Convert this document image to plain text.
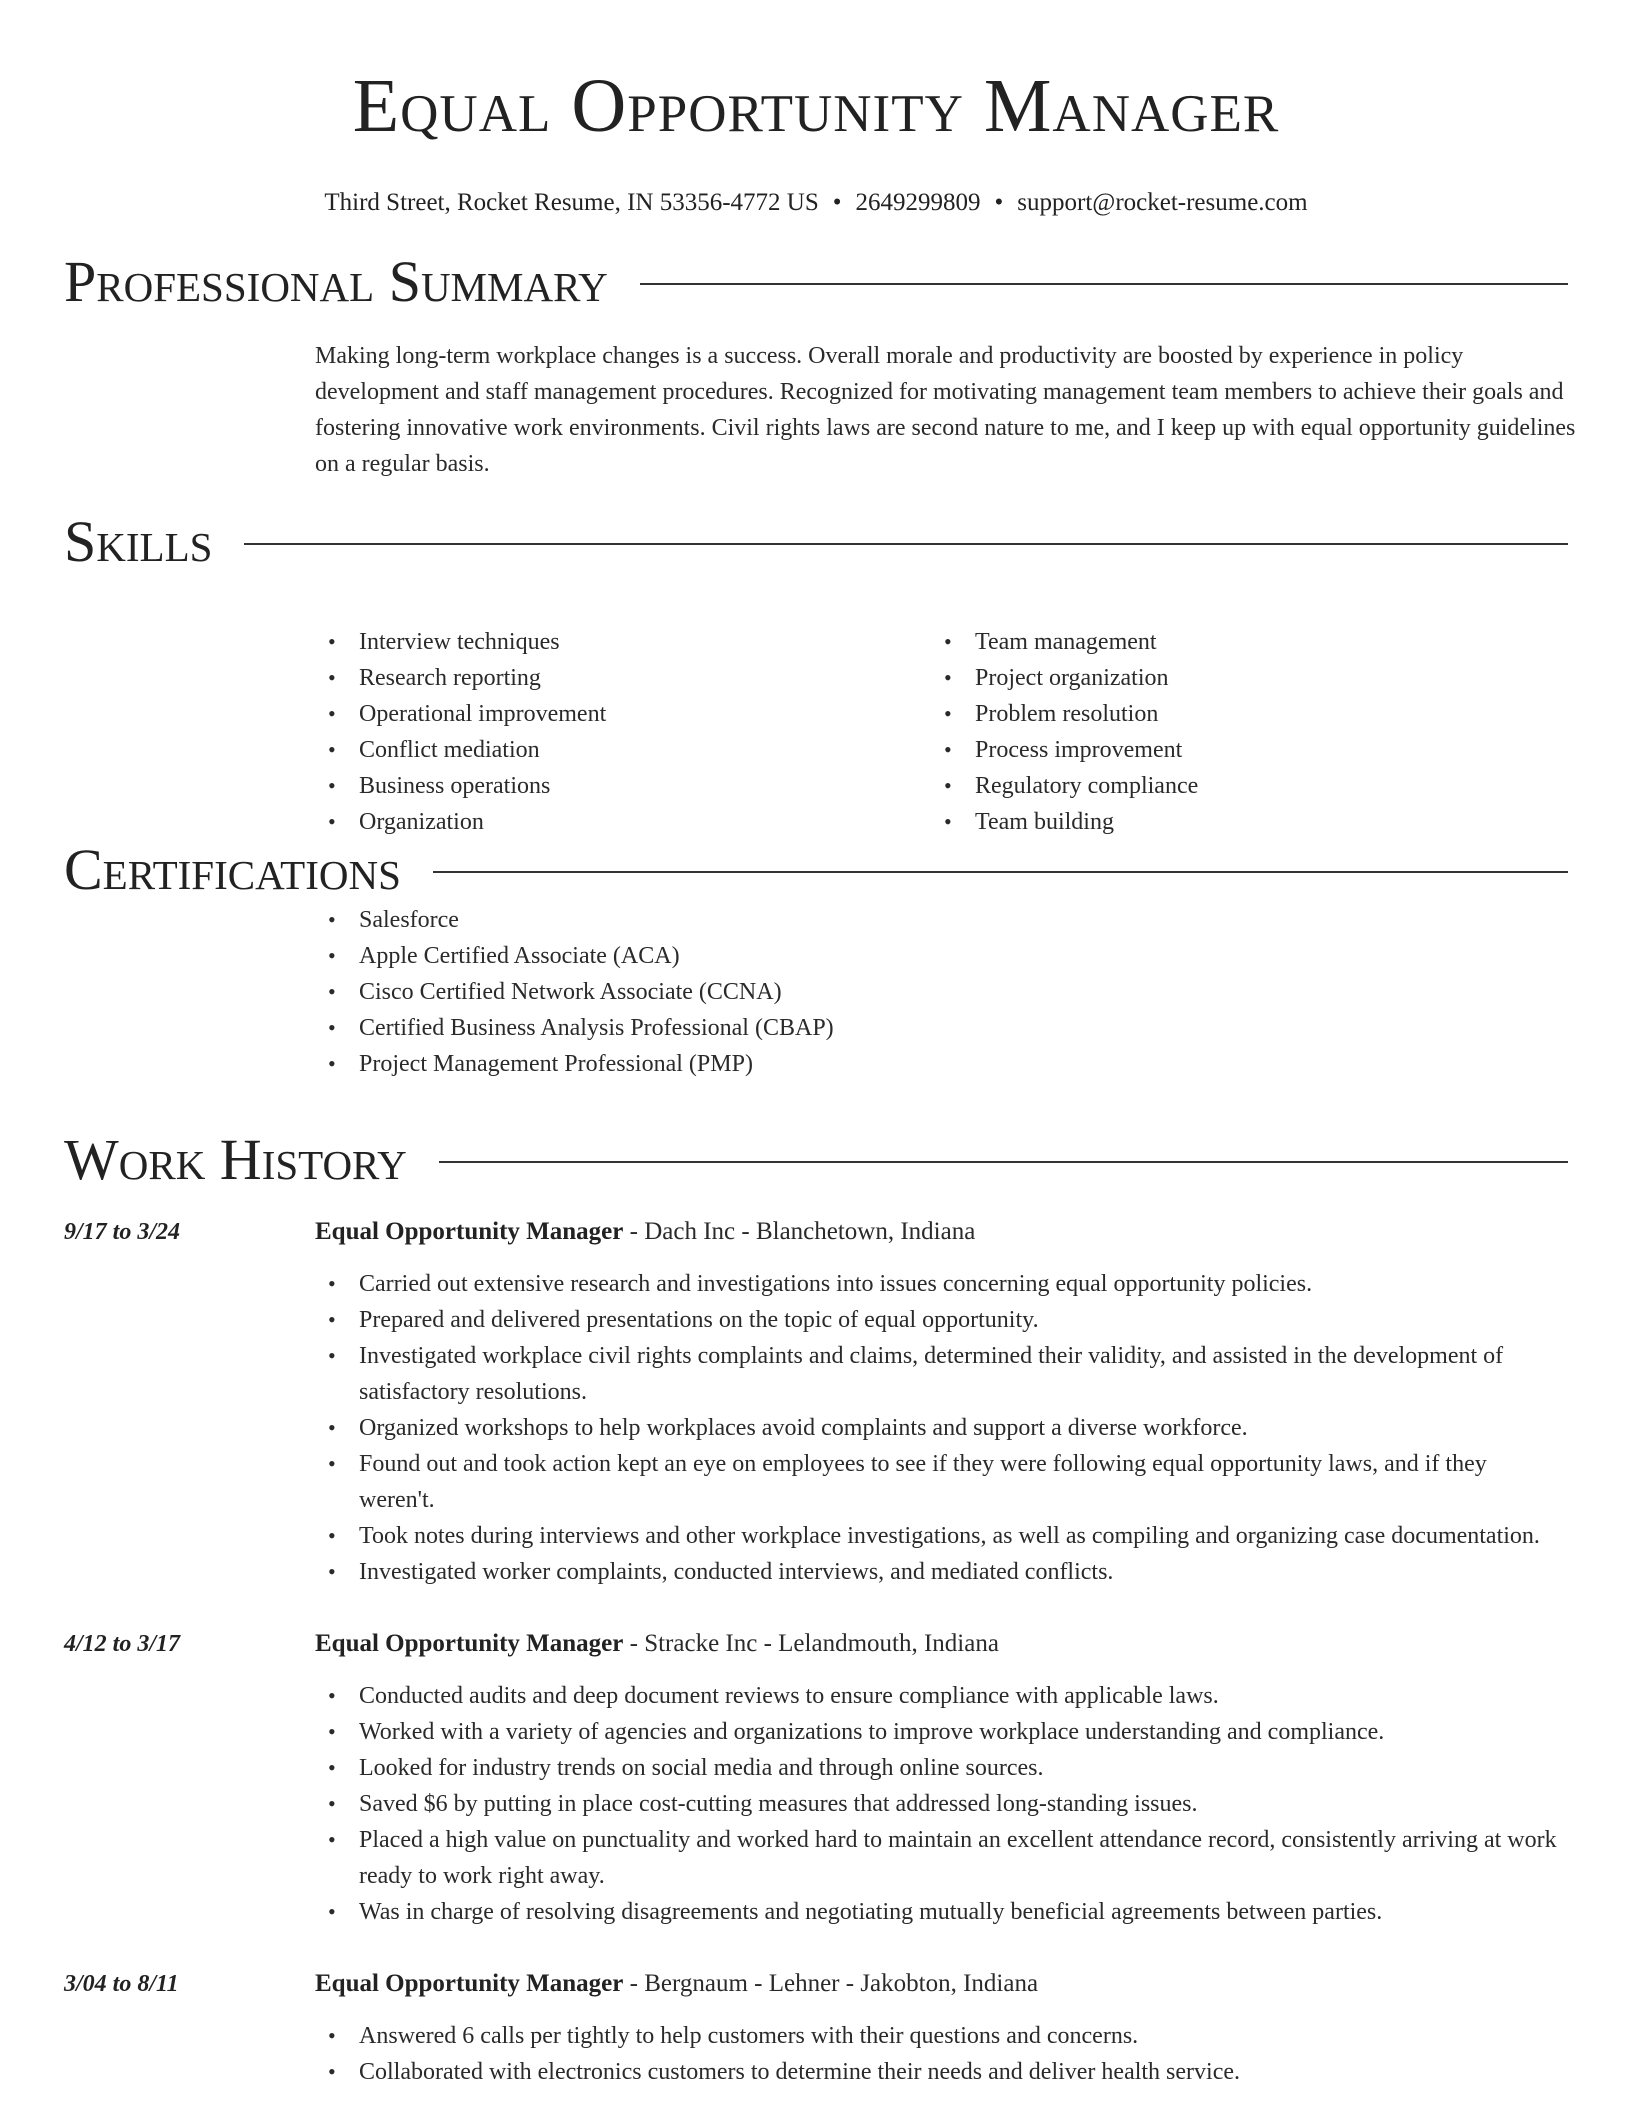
Equal Opportunity Manager
Third Street, Rocket Resume, IN 53356-4772 US • 2649299809 • support@rocket-resume.com
Professional Summary

Making long-term workplace changes is a success. Overall morale and productivity are boosted by experience in policy development and staff management procedures. Recognized for motivating management team members to achieve their goals and fostering innovative work environments. Civil rights laws are second nature to me, and I keep up with equal opportunity guidelines on a regular basis.

Skills
• Interview techniques
• Research reporting
• Operational improvement
• Conflict mediation
• Business operations
• Organization
• Team management
• Project organization
• Problem resolution
• Process improvement
• Regulatory compliance
• Team building
Certifications
• Salesforce
• Apple Certified Associate (ACA)
• Cisco Certified Network Associate (CCNA)
• Certified Business Analysis Professional (CBAP)
• Project Management Professional (PMP)
Work History
9/17 to 3/24	Equal Opportunity Manager - Dach Inc - Blanchetown, Indiana
• Carried out extensive research and investigations into issues concerning equal opportunity policies.
• Prepared and delivered presentations on the topic of equal opportunity.
• Investigated workplace civil rights complaints and claims, determined their validity, and assisted in the development of satisfactory resolutions.
• Organized workshops to help workplaces avoid complaints and support a diverse workforce.
• Found out and took action kept an eye on employees to see if they were following equal opportunity laws, and if they weren't.
• Took notes during interviews and other workplace investigations, as well as compiling and organizing case documentation.
• Investigated worker complaints, conducted interviews, and mediated conflicts.
4/12 to 3/17	Equal Opportunity Manager - Stracke Inc - Lelandmouth, Indiana
• Conducted audits and deep document reviews to ensure compliance with applicable laws.
• Worked with a variety of agencies and organizations to improve workplace understanding and compliance.
• Looked for industry trends on social media and through online sources.
• Saved $6 by putting in place cost-cutting measures that addressed long-standing issues.
• Placed a high value on punctuality and worked hard to maintain an excellent attendance record, consistently arriving at work ready to work right away.
• Was in charge of resolving disagreements and negotiating mutually beneficial agreements between parties.
3/04 to 8/11	Equal Opportunity Manager - Bergnaum - Lehner - Jakobton, Indiana
• Answered 6 calls per tightly to help customers with their questions and concerns.
• Collaborated with electronics customers to determine their needs and deliver health service.
